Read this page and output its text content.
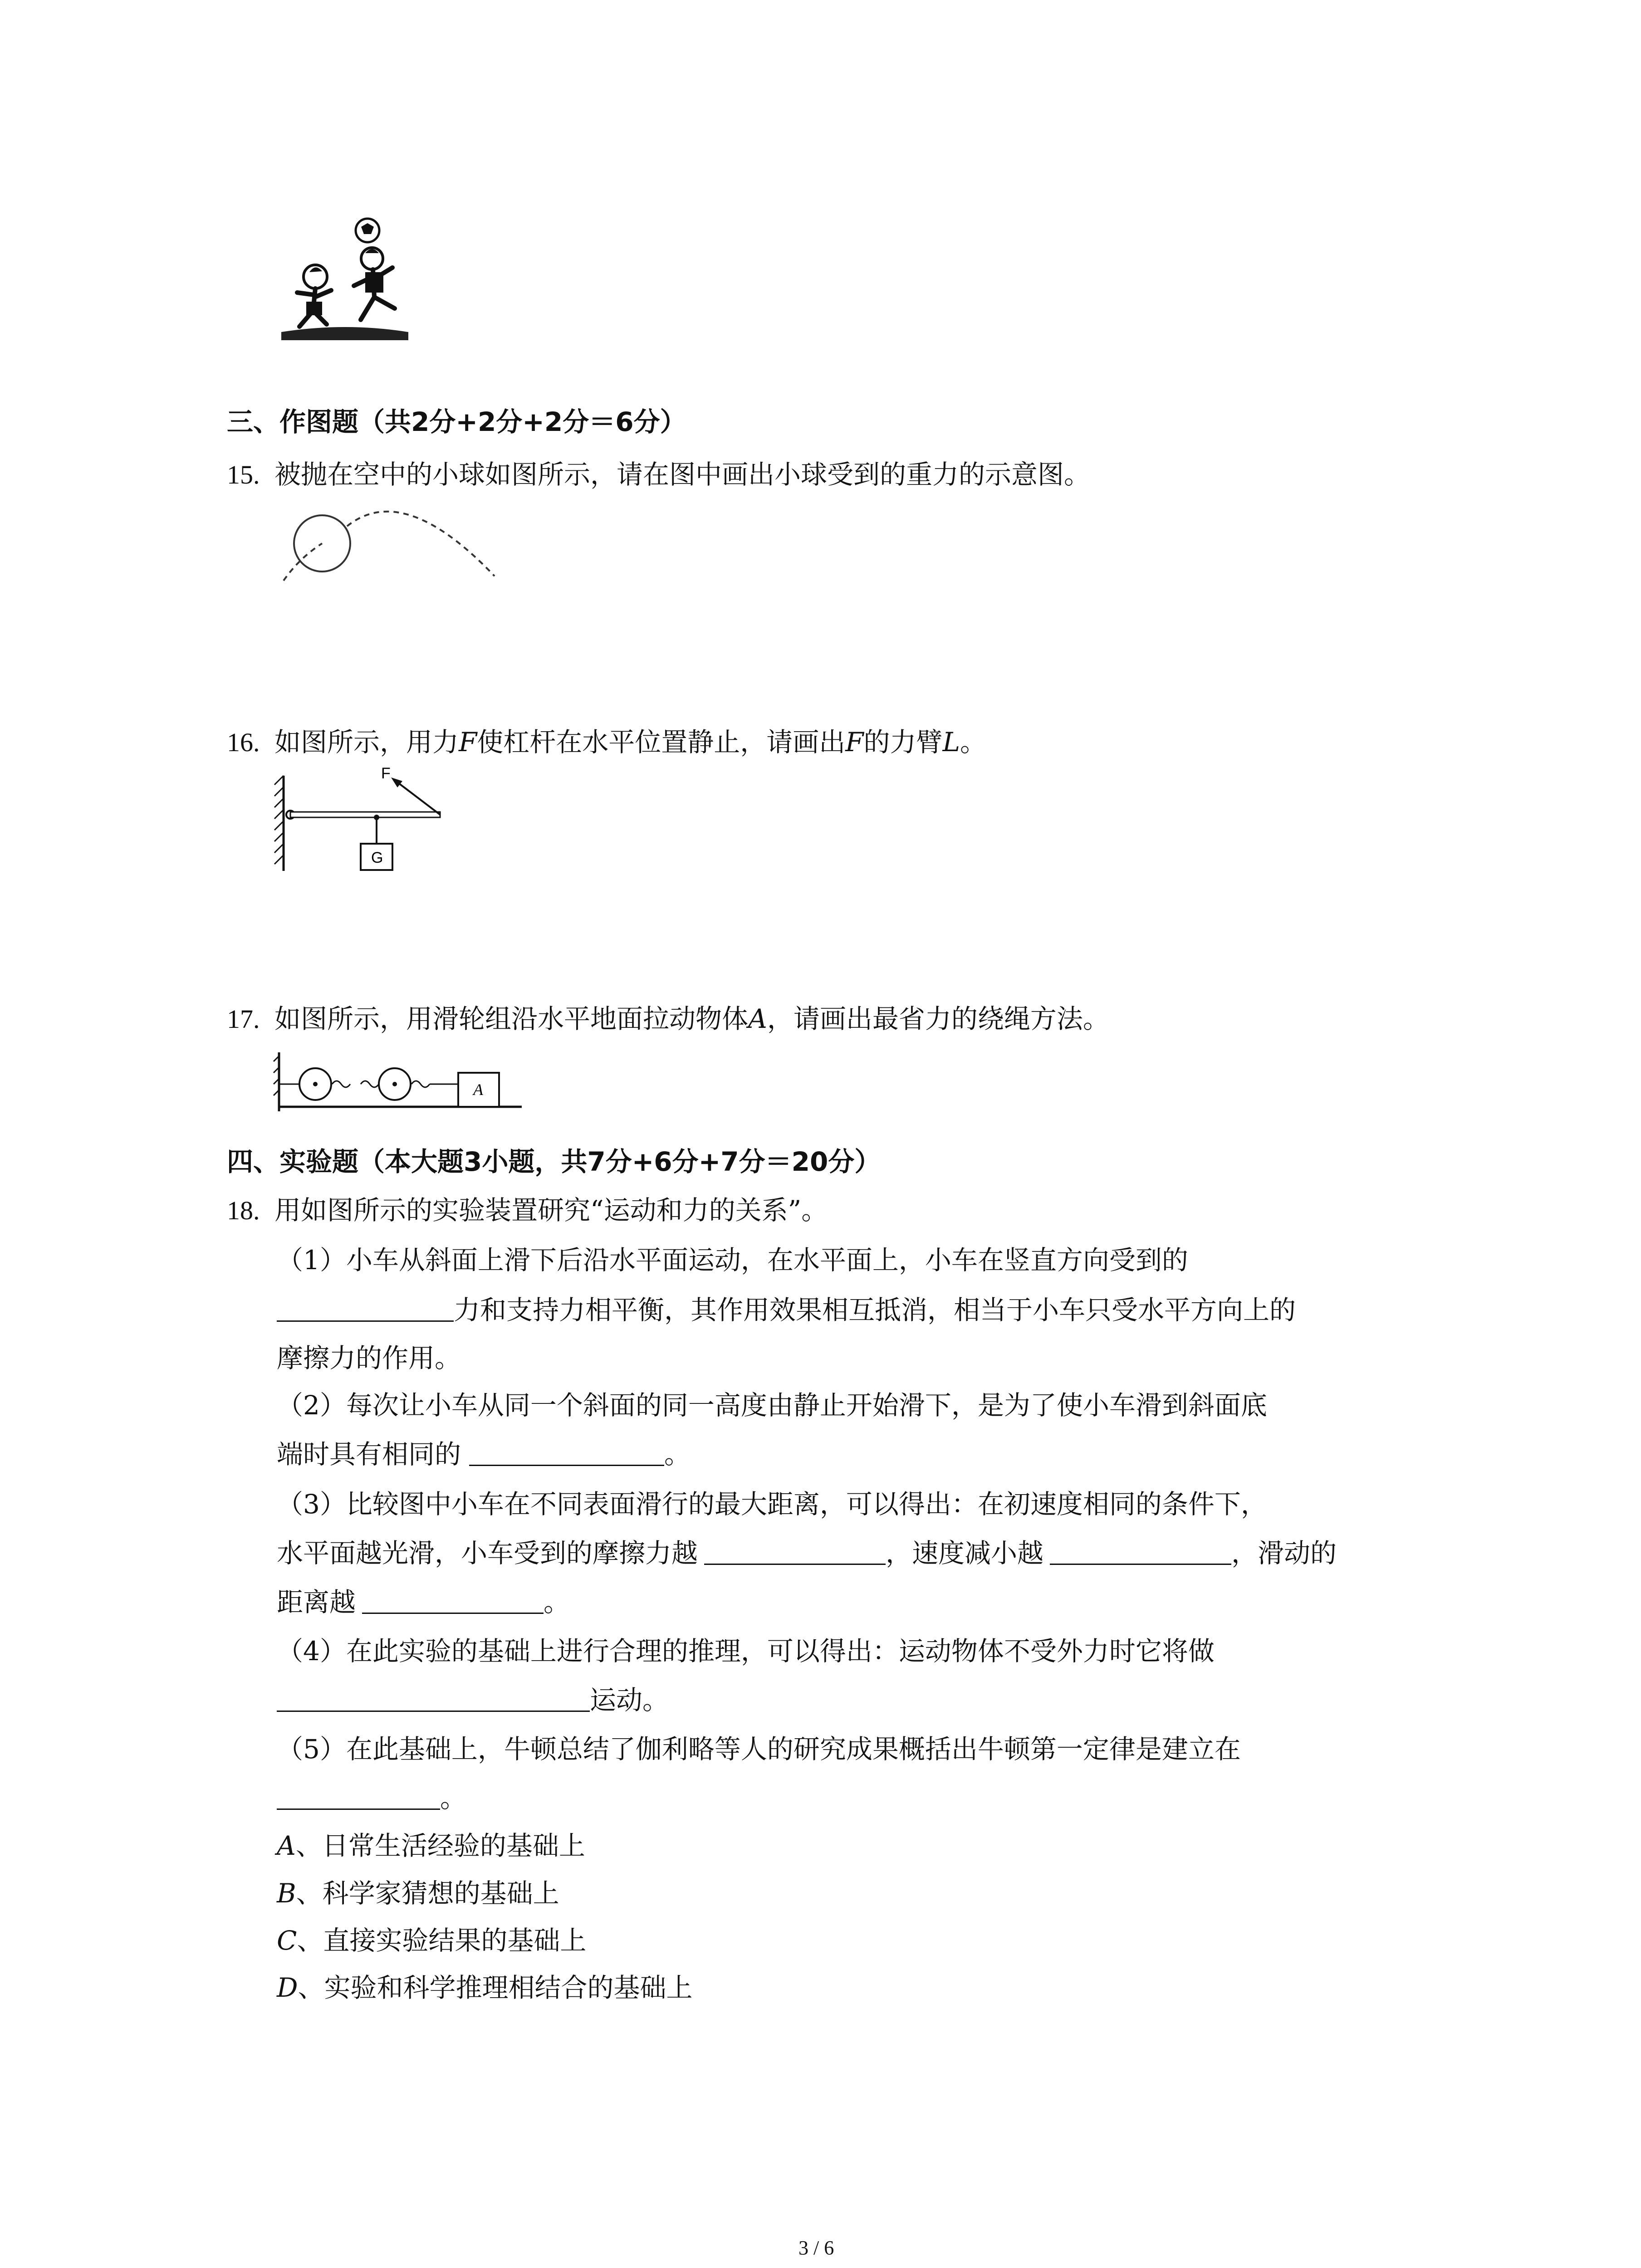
三、作图题（共2分+2分+2分＝6分）
15. 被抛在空中的小球如图所示，请在图中画出小球受到的重力的示意图。
16. 如图所示，用力F使杠杆在水平位置静止，请画出F的力臂L。
F
G
17. 如图所示，用滑轮组沿水平地面拉动物体A，请画出最省力的绕绳方法。
A
四、实验题（本大题3小题，共7分+6分+7分＝20分）
18. 用如图所示的实验装置研究“运动和力的关系”。
（1）小车从斜面上滑下后沿水平面运动，在水平面上，小车在竖直方向受到的
力和支持力相平衡，其作用效果相互抵消，相当于小车只受水平方向上的
摩擦力的作用。
（2）每次让小车从同一个斜面的同一高度由静止开始滑下，是为了使小车滑到斜面底
端时具有相同的	。
（3）比较图中小车在不同表面滑行的最大距离，可以得出：在初速度相同的条件下，
水平面越光滑，小车受到的摩擦力越	，速度减小越	，滑动的
距离越	。
（4）在此实验的基础上进行合理的推理，可以得出：运动物体不受外力时它将做
运动。
（5）在此基础上，牛顿总结了伽利略等人的研究成果概括出牛顿第一定律是建立在
。
A、日常生活经验的基础上
B、科学家猜想的基础上
C、直接实验结果的基础上
D、实验和科学推理相结合的基础上
3 / 6
